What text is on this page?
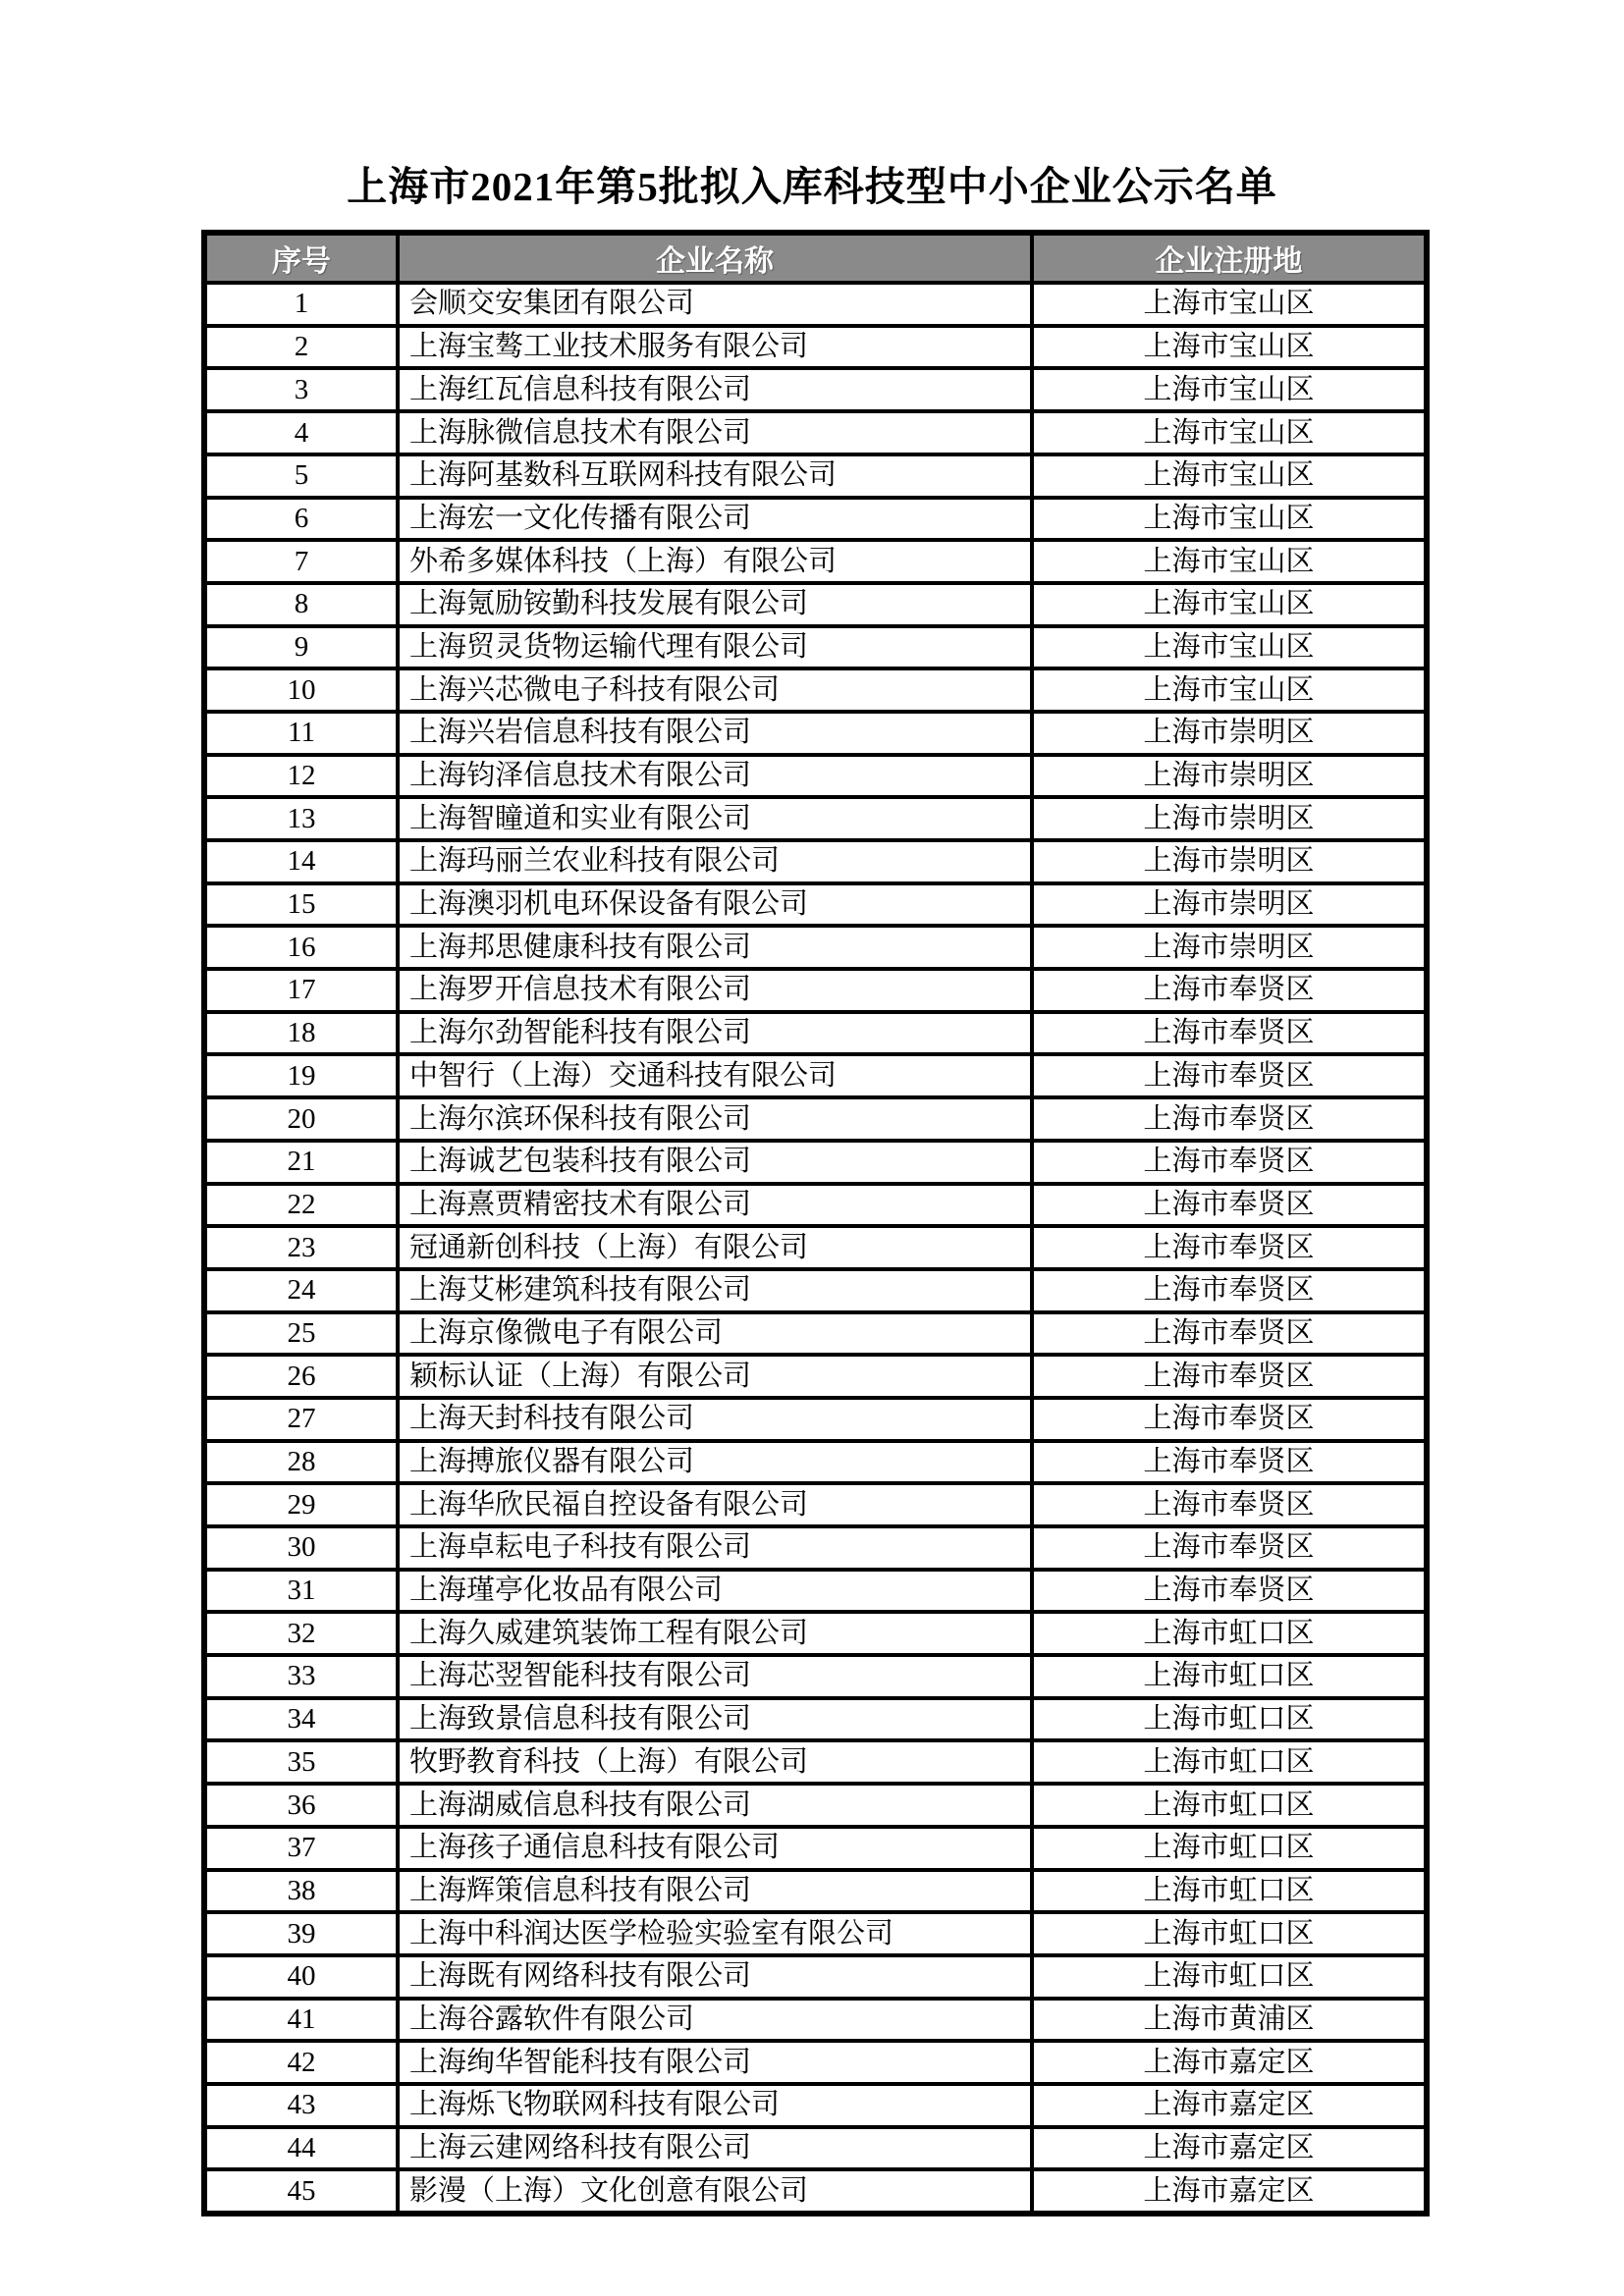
上海市2021年第5批拟入库科技型中小企业公示名单
序号	企业名称	企业注册地
1	会顺交安集团有限公司	上海市宝山区
2	上海宝骜工业技术服务有限公司	上海市宝山区
3	上海红瓦信息科技有限公司	上海市宝山区
4	上海脉微信息技术有限公司	上海市宝山区
5	上海阿基数科互联网科技有限公司	上海市宝山区
6	上海宏一文化传播有限公司	上海市宝山区
7	外希多媒体科技（上海）有限公司	上海市宝山区
8	上海氪励铵勤科技发展有限公司	上海市宝山区
9	上海贸灵货物运输代理有限公司	上海市宝山区
10	上海兴芯微电子科技有限公司	上海市宝山区
11	上海兴岩信息科技有限公司	上海市崇明区
12	上海钧泽信息技术有限公司	上海市崇明区
13	上海智瞳道和实业有限公司	上海市崇明区
14	上海玛丽兰农业科技有限公司	上海市崇明区
15	上海澳羽机电环保设备有限公司	上海市崇明区
16	上海邦思健康科技有限公司	上海市崇明区
17	上海罗开信息技术有限公司	上海市奉贤区
18	上海尔劲智能科技有限公司	上海市奉贤区
19	中智行（上海）交通科技有限公司	上海市奉贤区
20	上海尔滨环保科技有限公司	上海市奉贤区
21	上海诚艺包装科技有限公司	上海市奉贤区
22	上海熹贾精密技术有限公司	上海市奉贤区
23	冠通新创科技（上海）有限公司	上海市奉贤区
24	上海艾彬建筑科技有限公司	上海市奉贤区
25	上海京像微电子有限公司	上海市奉贤区
26	颖标认证（上海）有限公司	上海市奉贤区
27	上海天封科技有限公司	上海市奉贤区
28	上海搏旅仪器有限公司	上海市奉贤区
29	上海华欣民福自控设备有限公司	上海市奉贤区
30	上海卓耘电子科技有限公司	上海市奉贤区
31	上海瑾亭化妆品有限公司	上海市奉贤区
32	上海久威建筑装饰工程有限公司	上海市虹口区
33	上海芯翌智能科技有限公司	上海市虹口区
34	上海致景信息科技有限公司	上海市虹口区
35	牧野教育科技（上海）有限公司	上海市虹口区
36	上海湖威信息科技有限公司	上海市虹口区
37	上海孩子通信息科技有限公司	上海市虹口区
38	上海辉策信息科技有限公司	上海市虹口区
39	上海中科润达医学检验实验室有限公司	上海市虹口区
40	上海既有网络科技有限公司	上海市虹口区
41	上海谷露软件有限公司	上海市黄浦区
42	上海绚华智能科技有限公司	上海市嘉定区
43	上海烁飞物联网科技有限公司	上海市嘉定区
44	上海云建网络科技有限公司	上海市嘉定区
45	影漫（上海）文化创意有限公司	上海市嘉定区
